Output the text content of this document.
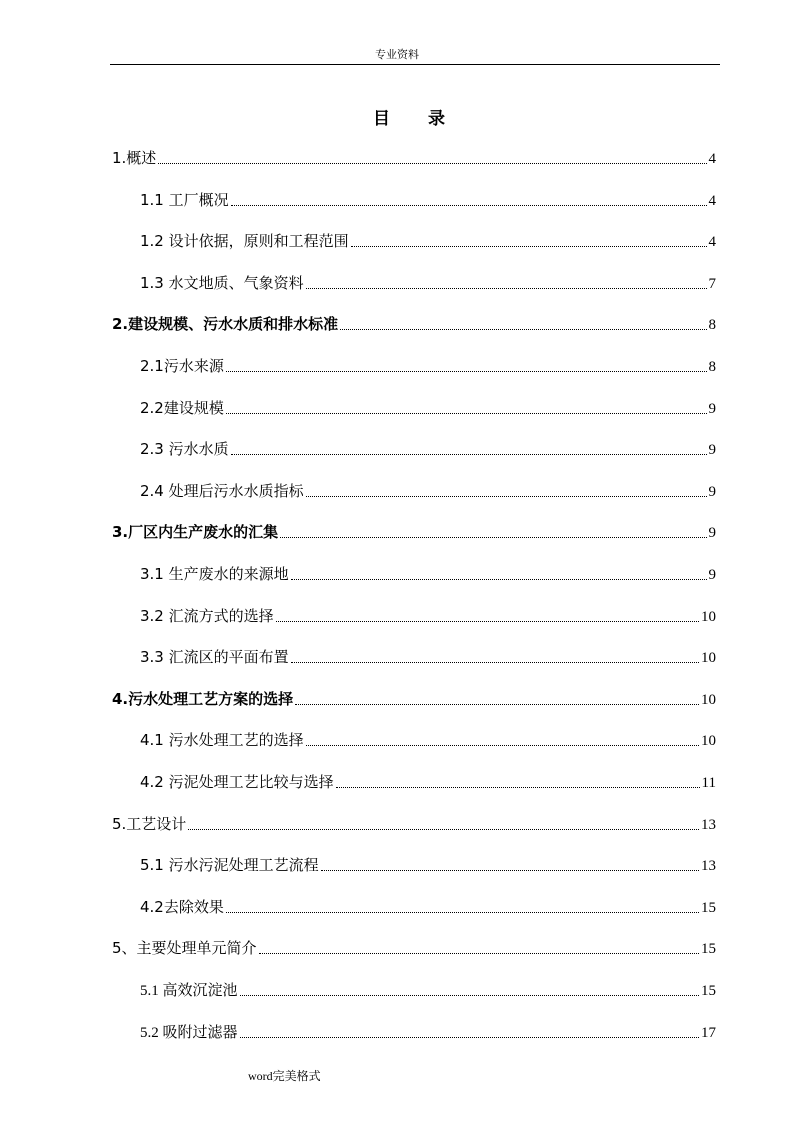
专业资料
目 录
1.概述	4
1.1 工厂概况	4
1.2 设计依据，原则和工程范围	4
1.3 水文地质、气象资料	7
2.建设规模、污水水质和排水标准	8
2.1污水来源	8
2.2建设规模	9
2.3 污水水质	9
2.4 处理后污水水质指标	9
3.厂区内生产废水的汇集	9
3.1 生产废水的来源地	9
3.2 汇流方式的选择	10
3.3 汇流区的平面布置	10
4.污水处理工艺方案的选择	10
4.1 污水处理工艺的选择	10
4.2 污泥处理工艺比较与选择	11
5.工艺设计	13
5.1 污水污泥处理工艺流程	13
4.2去除效果	15
5、主要处理单元简介	15
5.1 高效沉淀池	15
5.2 吸附过滤器	17
word完美格式
